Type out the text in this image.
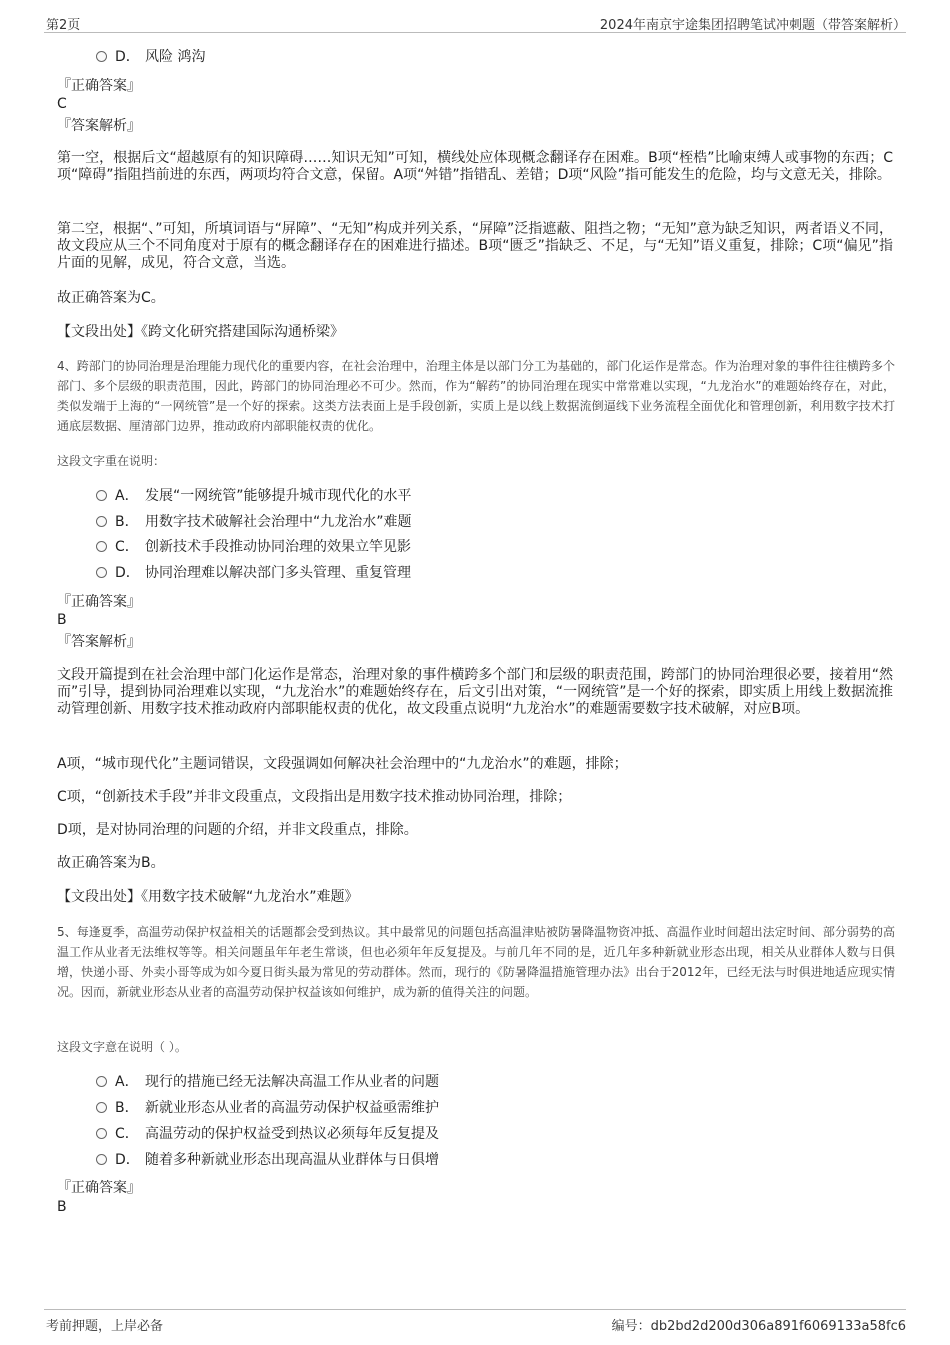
第2页	2024年南京宇途集团招聘笔试冲刺题（带答案解析）
D． 风险 鸿沟
『正确答案』
C
『答案解析』
第一空，根据后文“超越原有的知识障碍……知识无知”可知，横线处应体现概念翻译存在困难。B项“桎梏”比喻束缚人或事物的东西；C项“障碍”指阻挡前进的东西，两项均符合文意，保留。A项“舛错”指错乱、差错；D项“风险”指可能发生的危险，均与文意无关，排除。
第二空，根据“、”可知，所填词语与“屏障”、“无知”构成并列关系，“屏障”泛指遮蔽、阻挡之物；“无知”意为缺乏知识，两者语义不同，故文段应从三个不同角度对于原有的概念翻译存在的困难进行描述。B项“匮乏”指缺乏、不足，与“无知”语义重复，排除；C项“偏见”指片面的见解，成见，符合文意，当选。
故正确答案为C。
【文段出处】《跨文化研究搭建国际沟通桥梁》
4、跨部门的协同治理是治理能力现代化的重要内容，在社会治理中，治理主体是以部门分工为基础的，部门化运作是常态。作为治理对象的事件往往横跨多个部门、多个层级的职责范围，因此，跨部门的协同治理必不可少。然而，作为“解药”的协同治理在现实中常常难以实现，“九龙治水”的难题始终存在，对此，类似发端于上海的“一网统管”是一个好的探索。这类方法表面上是手段创新，实质上是以线上数据流倒逼线下业务流程全面优化和管理创新，利用数字技术打通底层数据、厘清部门边界，推动政府内部职能权责的优化。
这段文字重在说明：
A． 发展“一网统管”能够提升城市现代化的水平
B． 用数字技术破解社会治理中“九龙治水”难题
C． 创新技术手段推动协同治理的效果立竿见影
D． 协同治理难以解决部门多头管理、重复管理
『正确答案』
B
『答案解析』
文段开篇提到在社会治理中部门化运作是常态，治理对象的事件横跨多个部门和层级的职责范围，跨部门的协同治理很必要，接着用“然而”引导，提到协同治理难以实现，“九龙治水”的难题始终存在，后文引出对策，“一网统管”是一个好的探索，即实质上用线上数据流推动管理创新、用数字技术推动政府内部职能权责的优化，故文段重点说明“九龙治水”的难题需要数字技术破解，对应B项。
A项，“城市现代化”主题词错误，文段强调如何解决社会治理中的“九龙治水”的难题，排除；
C项，“创新技术手段”并非文段重点，文段指出是用数字技术推动协同治理，排除；
D项，是对协同治理的问题的介绍，并非文段重点，排除。
故正确答案为B。
【文段出处】《用数字技术破解“九龙治水”难题》
5、每逢夏季，高温劳动保护权益相关的话题都会受到热议。其中最常见的问题包括高温津贴被防暑降温物资冲抵、高温作业时间超出法定时间、部分弱势的高温工作从业者无法维权等等。相关问题虽年年老生常谈，但也必须年年反复提及。与前几年不同的是，近几年多种新就业形态出现，相关从业群体人数与日俱增，快递小哥、外卖小哥等成为如今夏日街头最为常见的劳动群体。然而，现行的《防暑降温措施管理办法》出台于2012年，已经无法与时俱进地适应现实情况。因而，新就业形态从业者的高温劳动保护权益该如何维护，成为新的值得关注的问题。
这段文字意在说明（ ）。
A． 现行的措施已经无法解决高温工作从业者的问题
B． 新就业形态从业者的高温劳动保护权益亟需维护
C． 高温劳动的保护权益受到热议必须每年反复提及
D． 随着多种新就业形态出现高温从业群体与日俱增
『正确答案』
B
考前押题，上岸必备	编号：db2bd2d200d306a891f6069133a58fc6
